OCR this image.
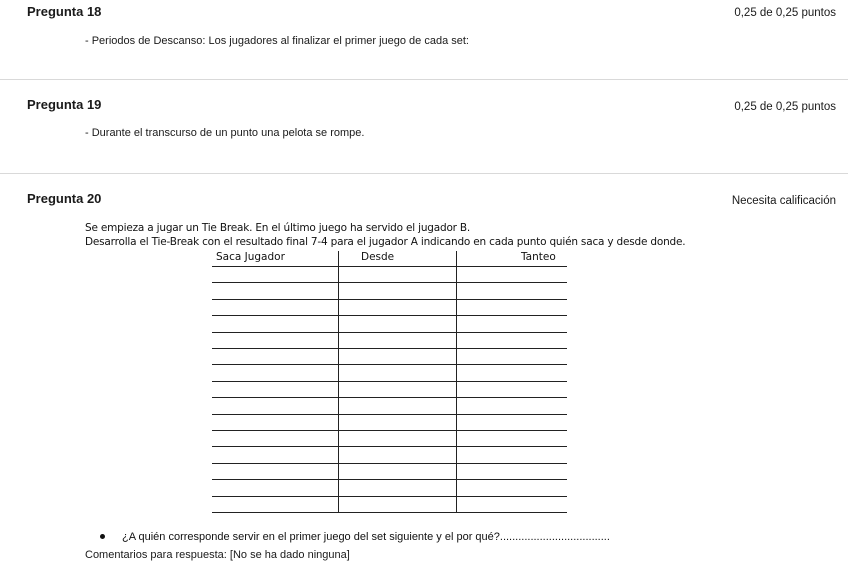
Pregunta 18	0,25 de 0,25 puntos
- Periodos de Descanso: Los jugadores al finalizar el primer juego de cada set:
Pregunta 19	0,25 de 0,25 puntos
- Durante el transcurso de un punto una pelota se rompe.
Pregunta 20	Necesita calificación
Se empieza a jugar un Tie Break. En el último juego ha servido el jugador B.
Desarrolla el Tie-Break con el resultado final 7-4 para el jugador A indicando en cada punto quién saca y desde donde.
Saca Jugador	Desde	Tanteo
¿A quién corresponde servir en el primer juego del set siguiente y el por qué?....................................
Comentarios para respuesta: [No se ha dado ninguna]
